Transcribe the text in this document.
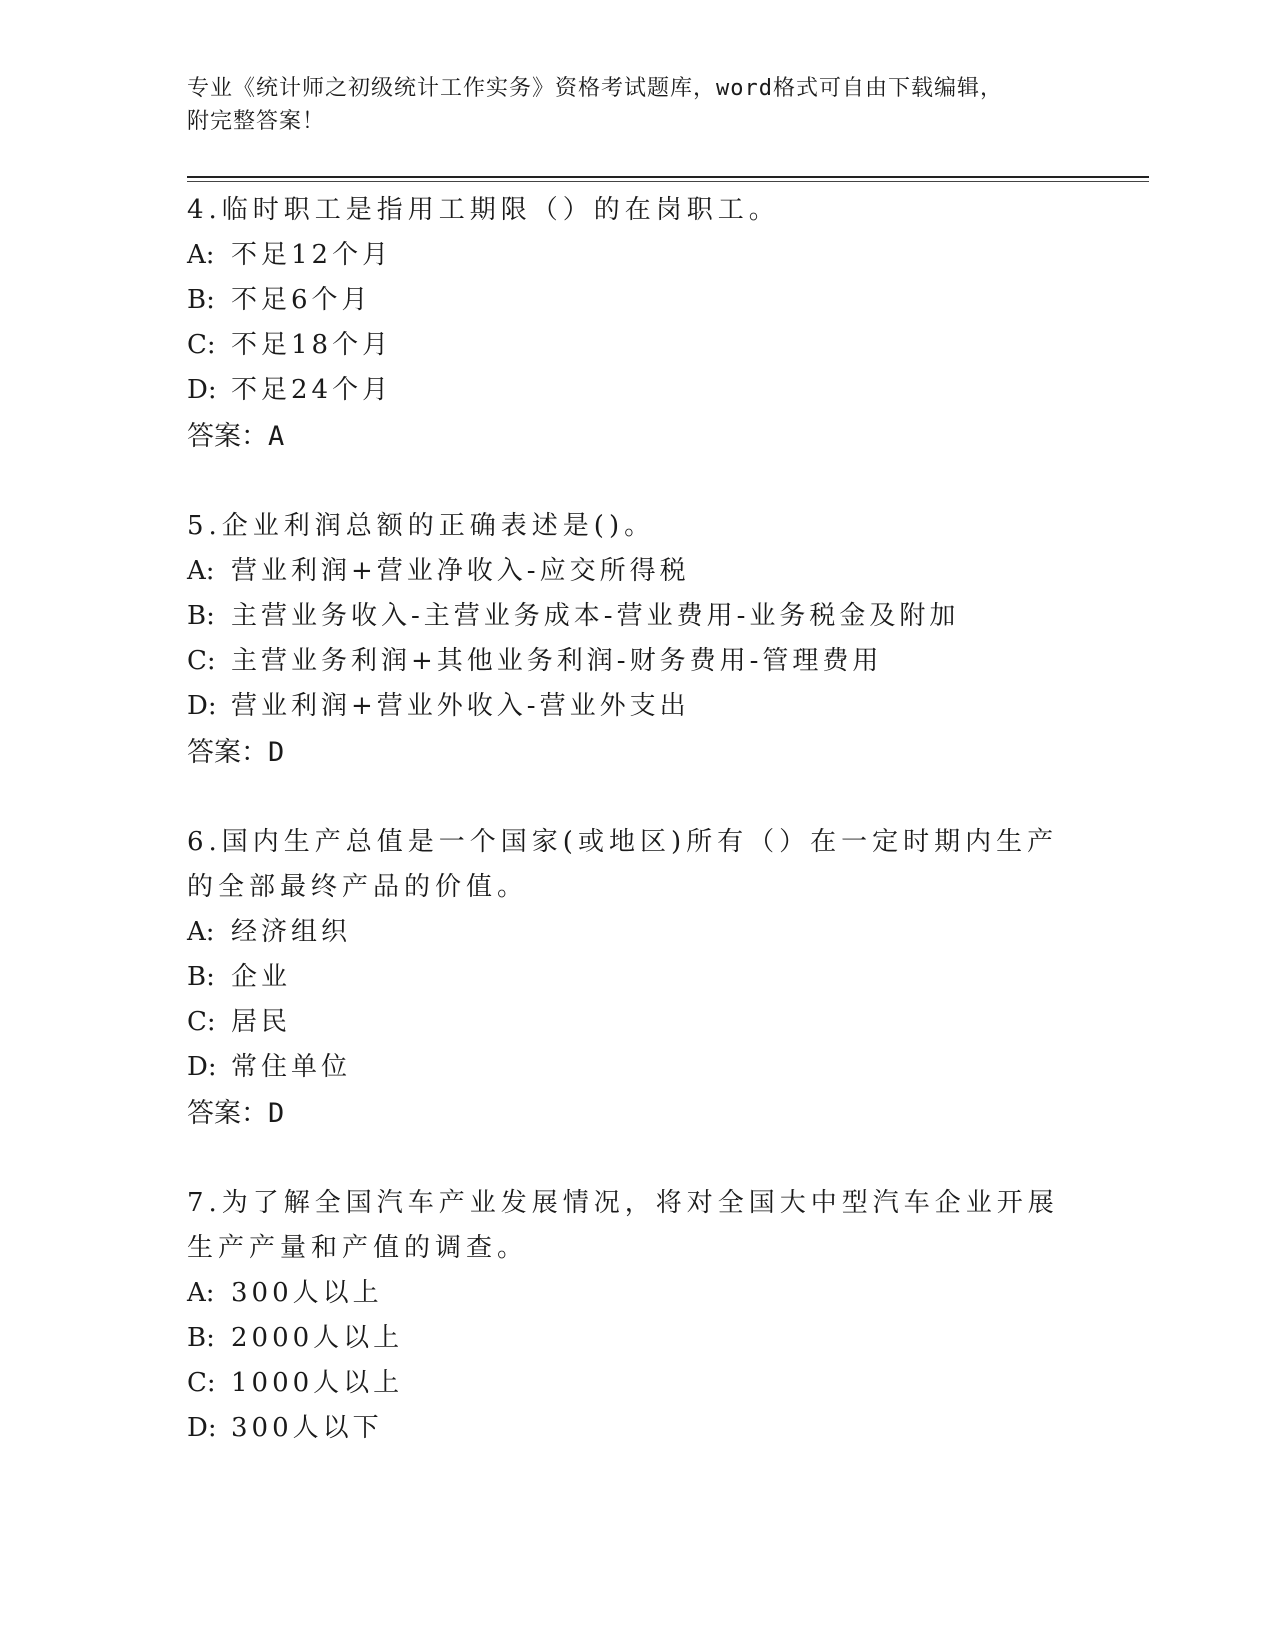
专业《统计师之初级统计工作实务》资格考试题库，word格式可自由下载编辑，
附完整答案！
4.临时职工是指用工期限（）的在岗职工。
A: 不足12个月
B: 不足6个月
C: 不足18个月
D: 不足24个月
答案：A
5.企业利润总额的正确表述是()。
A: 营业利润+营业净收入-应交所得税
B: 主营业务收入-主营业务成本-营业费用-业务税金及附加
C: 主营业务利润+其他业务利润-财务费用-管理费用
D: 营业利润+营业外收入-营业外支出
答案：D
6.国内生产总值是一个国家(或地区)所有（）在一定时期内生产的全部最终产品的价值。
A: 经济组织
B: 企业
C: 居民
D: 常住单位
答案：D
7.为了解全国汽车产业发展情况，将对全国大中型汽车企业开展生产产量和产值的调查。
A: 300人以上
B: 2000人以上
C: 1000人以上
D: 300人以下
